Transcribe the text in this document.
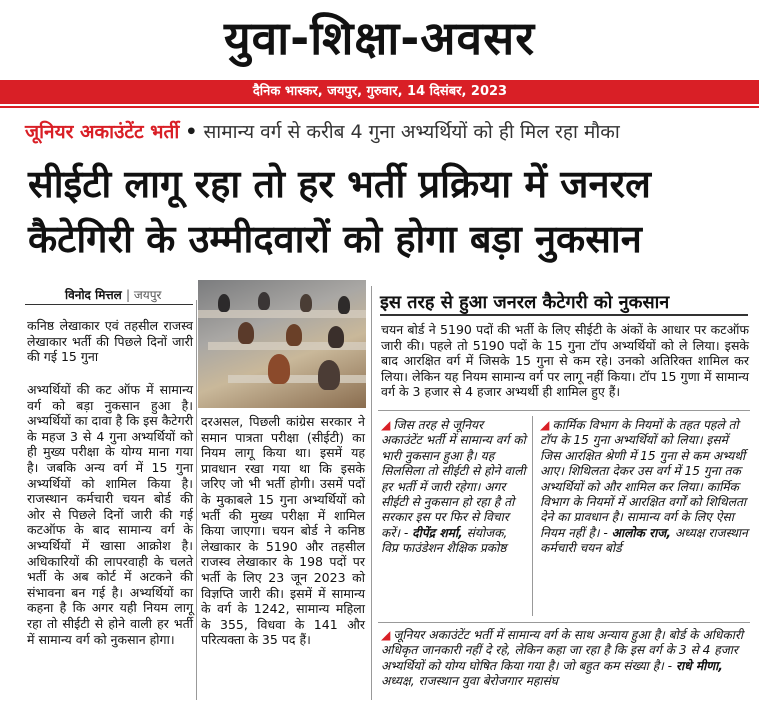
युवा-शिक्षा-अवसर
दैनिक भास्कर, जयपुर, गुरुवार, 14 दिसंबर, 2023
जूनियर अकाउंटेंट भर्ती • सामान्य वर्ग से करीब 4 गुना अभ्यर्थियों को ही मिल रहा मौका
सीईटी लागू रहा तो हर भर्ती प्रक्रिया में जनरल
कैटेगिरी के उम्मीदवारों को होगा बड़ा नुकसान
विनोद मित्तल | जयपुर
कनिष्ठ लेखाकार एवं तहसील राजस्व लेखाकार भर्ती की पिछले दिनों जारी की गई 15 गुना
अभ्यर्थियों की कट ऑफ में सामान्य वर्ग को बड़ा नुकसान हुआ है। अभ्यर्थियों का दावा है कि इस कैटेगरी के महज 3 से 4 गुना अभ्यर्थियों को ही मुख्य परीक्षा के योग्य माना गया है। जबकि अन्य वर्ग में 15 गुना अभ्यर्थियों को शामिल किया है। राजस्थान कर्मचारी चयन बोर्ड की ओर से पिछले दिनों जारी की गई कटऑफ के बाद सामान्य वर्ग के अभ्यर्थियों में खासा आक्रोश है। अधिकारियों की लापरवाही के चलते भर्ती के अब कोर्ट में अटकने की संभावना बन गई है। अभ्यर्थियों का कहना है कि अगर यही नियम लागू रहा तो सीईटी से होने वाली हर भर्ती में सामान्य वर्ग को नुकसान होगा।
दरअसल, पिछली कांग्रेस सरकार ने समान पात्रता परीक्षा (सीईटी) का नियम लागू किया था। इसमें यह प्रावधान रखा गया था कि इसके जरिए जो भी भर्ती होगी। उसमें पदों के मुकाबले 15 गुना अभ्यर्थियों को भर्ती की मुख्य परीक्षा में शामिल किया जाएगा। चयन बोर्ड ने कनिष्ठ लेखाकार के 5190 और तहसील राजस्व लेखाकार के 198 पदों पर भर्ती के लिए 23 जून 2023 को विज्ञप्ति जारी की। इसमें में सामान्य के वर्ग के 1242, सामान्य महिला के 355, विधवा के 141 और परित्यक्ता के 35 पद हैं।
इस तरह से हुआ जनरल कैटेगरी को नुकसान
चयन बोर्ड ने 5190 पदों की भर्ती के लिए सीईटी के अंकों के आधार पर कटऑफ जारी की। पहले तो 5190 पदों के 15 गुना टॉप अभ्यर्थियों को ले लिया। इसके बाद आरक्षित वर्ग में जिसके 15 गुना से कम रहे। उनको अतिरिक्त शामिल कर लिया। लेकिन यह नियम सामान्य वर्ग पर लागू नहीं किया। टॉप 15 गुणा में सामान्य वर्ग के 3 हजार से 4 हजार अभ्यर्थी ही शामिल हुए हैं।
◢ जिस तरह से जूनियर अकाउंटेंट भर्ती में सामान्य वर्ग को भारी नुकसान हुआ है। यह सिलसिला तो सीईटी से होने वाली हर भर्ती में जारी रहेगा। अगर सीईटी से नुकसान हो रहा है तो सरकार इस पर फिर से विचार करें। - दीपेंद्र शर्मा, संयोजक, विप्र फाउंडेशन शैक्षिक प्रकोष्ठ
◢ कार्मिक विभाग के नियमों के तहत पहले तो टॉप के 15 गुना अभ्यर्थियों को लिया। इसमें जिस आरक्षित श्रेणी में 15 गुना से कम अभ्यर्थी आए। शिथिलता देकर उस वर्ग में 15 गुना तक अभ्यर्थियों को और शामिल कर लिया। कार्मिक विभाग के नियमों में आरक्षित वर्गों को शिथिलता देने का प्रावधान है। सामान्य वर्ग के लिए ऐसा नियम नहीं है। - आलोक राज, अध्यक्ष राजस्थान कर्मचारी चयन बोर्ड
◢ जूनियर अकाउंटेंट भर्ती में सामान्य वर्ग के साथ अन्याय हुआ है। बोर्ड के अधिकारी अधिकृत जानकारी नहीं दे रहे, लेकिन कहा जा रहा है कि इस वर्ग के 3 से 4 हजार अभ्यर्थियों को योग्य घोषित किया गया है। जो बहुत कम संख्या है। - राधे मीणा, अध्यक्ष, राजस्थान युवा बेरोजगार महासंघ
